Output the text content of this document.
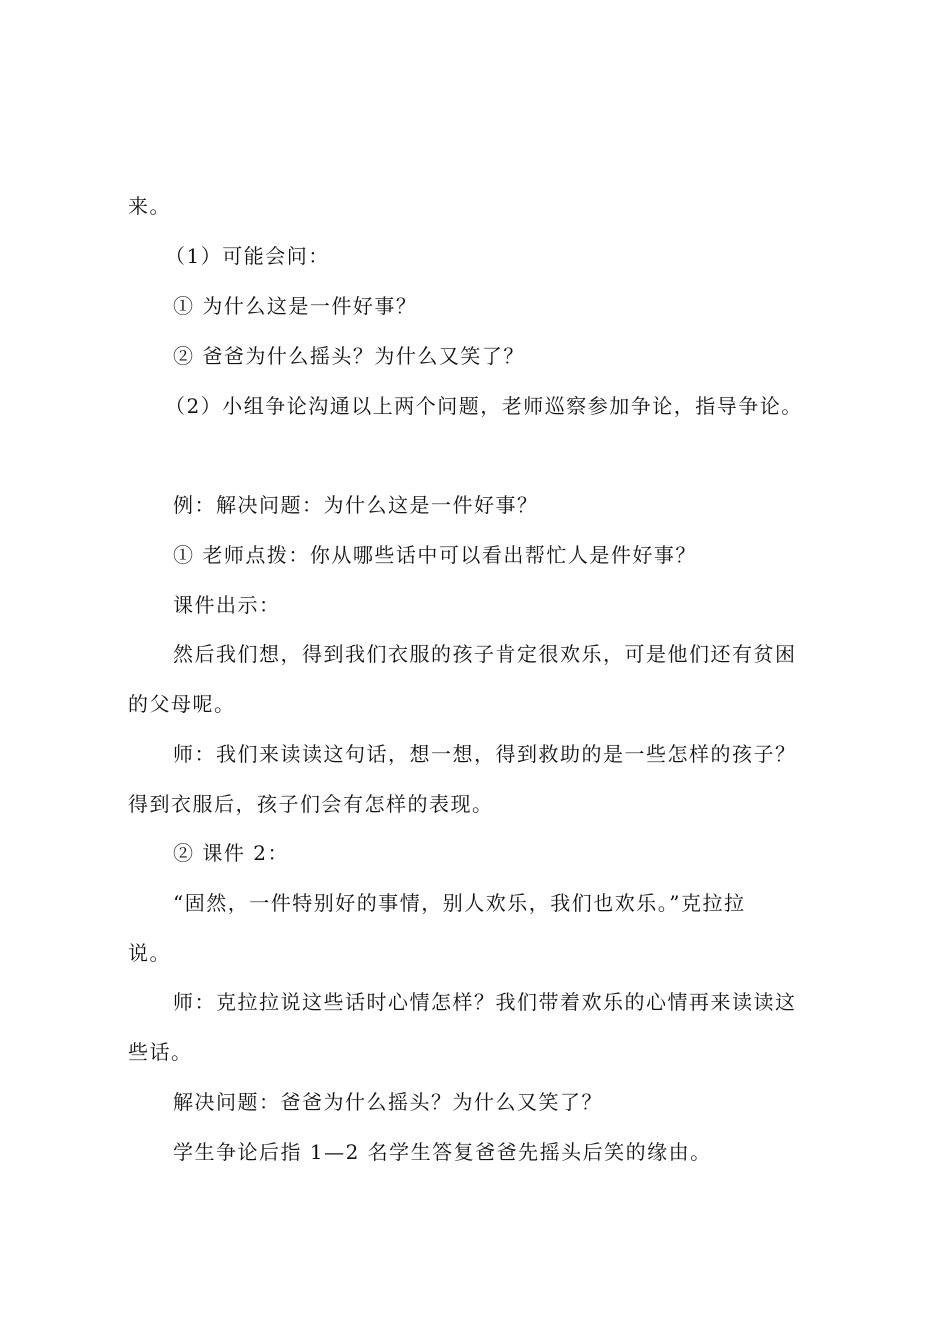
来。
（1）可能会问：
① 为什么这是一件好事？
② 爸爸为什么摇头？为什么又笑了？
（2）小组争论沟通以上两个问题，老师巡察参加争论，指导争论。
例：解决问题：为什么这是一件好事？
① 老师点拨：你从哪些话中可以看出帮忙人是件好事？
课件出示：
然后我们想，得到我们衣服的孩子肯定很欢乐，可是他们还有贫困
的父母呢。
师：我们来读读这句话，想一想，得到救助的是一些怎样的孩子？
得到衣服后，孩子们会有怎样的表现。
② 课件 2：
“固然，一件特别好的事情，别人欢乐，我们也欢乐。”克拉拉
说。
师：克拉拉说这些话时心情怎样？我们带着欢乐的心情再来读读这
些话。
解决问题：爸爸为什么摇头？为什么又笑了？
学生争论后指 1—2 名学生答复爸爸先摇头后笑的缘由。
